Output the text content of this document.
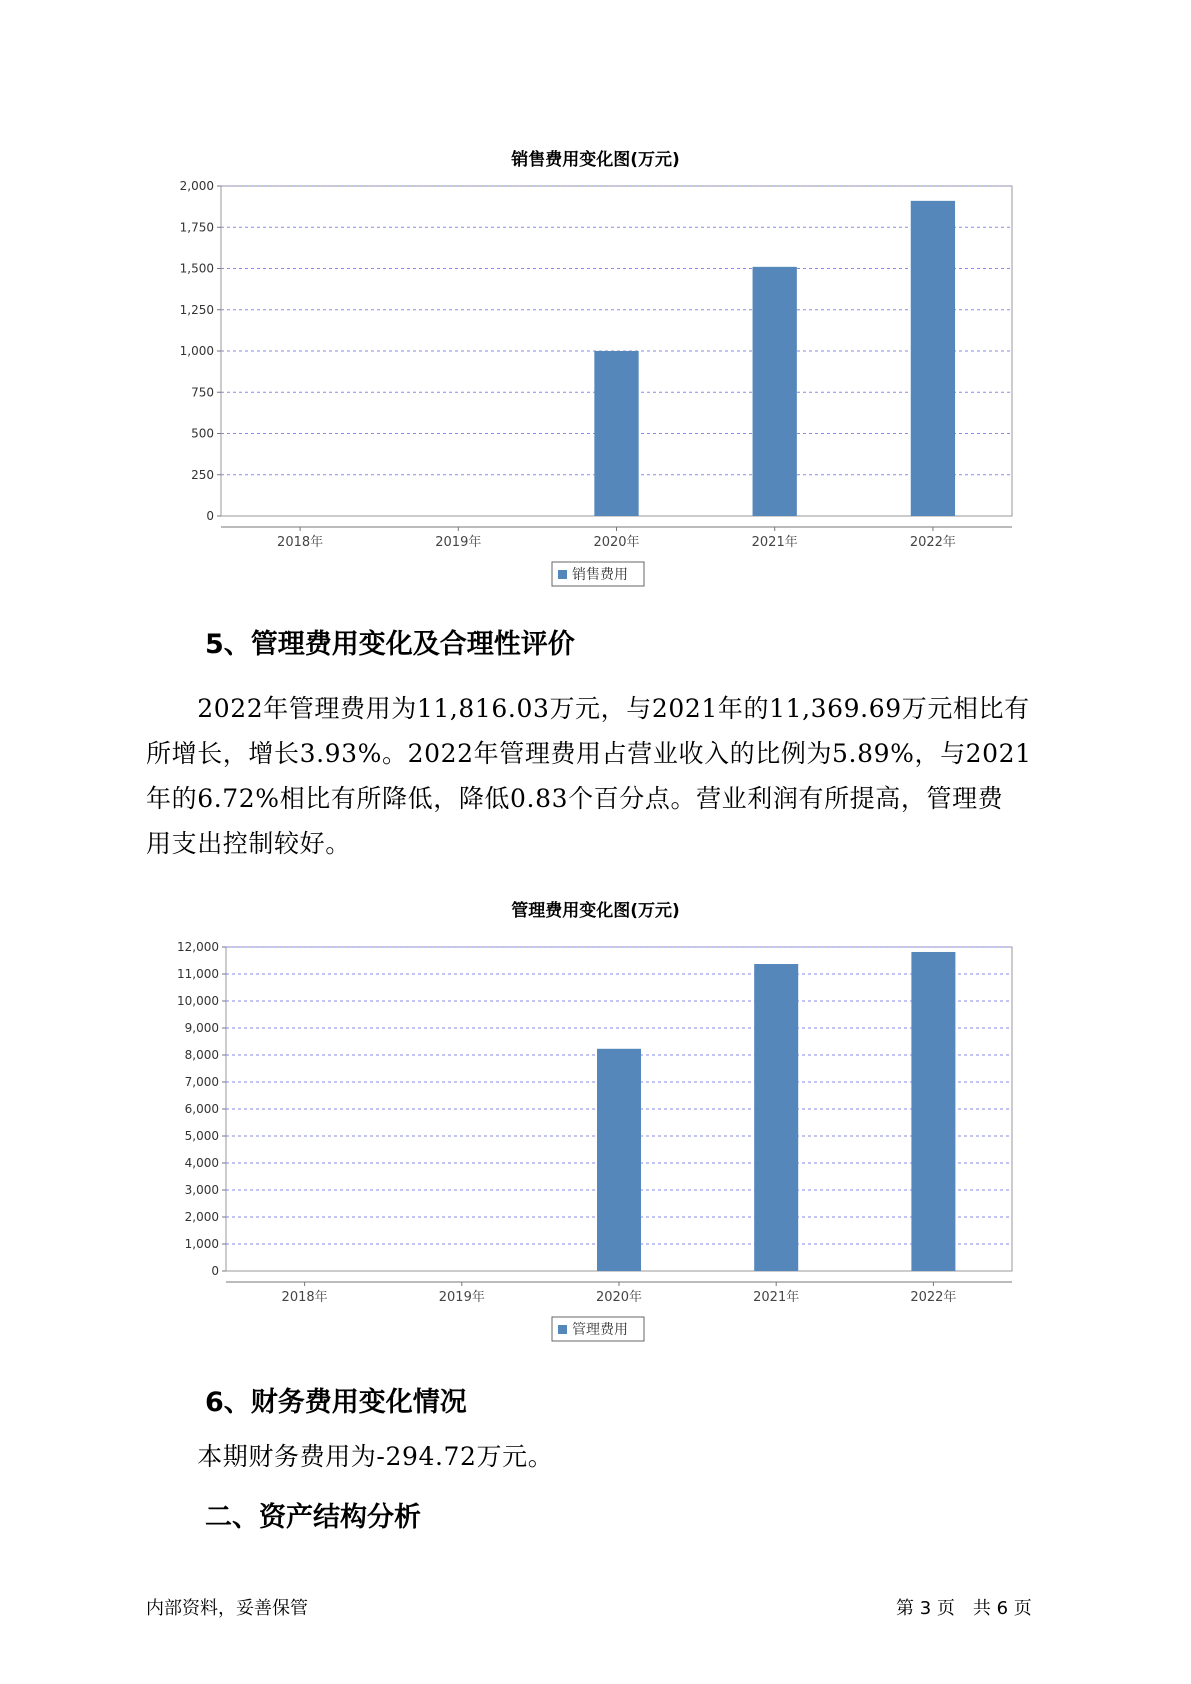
销售费用变化图(万元)
0
250
500
750
1,000
1,250
1,500
1,750
2,000
2018年	2019年	2020年	2021年	2022年
销售费用
5、管理费用变化及合理性评价
　　2022年管理费用为11,816.03万元，与2021年的11,369.69万元相比有
所增长，增长3.93%。2022年管理费用占营业收入的比例为5.89%，与2021
年的6.72%相比有所降低，降低0.83个百分点。营业利润有所提高，管理费
用支出控制较好。
管理费用变化图(万元)
0
1,000
2,000
3,000
4,000
5,000
6,000
7,000
8,000
9,000
10,000
11,000
12,000
2018年	2019年	2020年	2021年	2022年
管理费用
6、财务费用变化情况
　　本期财务费用为-294.72万元。
二、资产结构分析
内部资料，妥善保管	第 3 页　共 6 页
